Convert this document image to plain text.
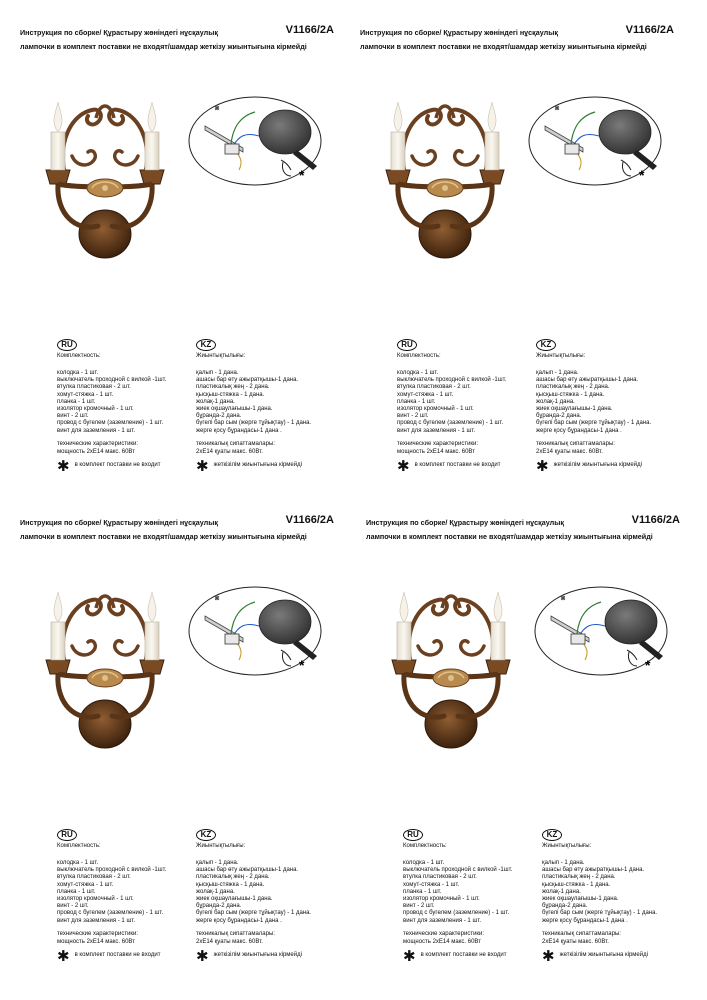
Инструкция по сборке/ Құрастыру жөніндегі нұсқаулық	V1166/2A
лампочки в комплект поставки не входят/шамдар жеткізу жиынтығына кірмейді
RU
Комплектность:
колодка - 1 шт.
выключатель проходной с вилкой -1шт.
втулка пластиковая - 2 шт.
хомут-стяжка - 1 шт.
планка - 1 шт.
изолятор кромочный - 1 шт.
винт - 2 шт.
провод с бугелем (заземление) - 1 шт.
винт для заземления - 1 шт.
технические характеристики:
мощность 2хЕ14 макс. 60Вт
✱ в комплект поставки не входит
KZ
Жиынтықтылығы:
қалып - 1 дана.
ашасы бар өту ажыратқышы-1 дана.
пластикалық жең - 2 дана.
қысқыш-стяжка - 1 дана.
жолақ-1 дана.
жиек оқшаулағышы-1 дана.
бұранда-2 дана.
бүгелі бар сым (жерге тұйықтау) - 1 дана.
жерге қосу бұрандасы-1 дана .
техникалық сипаттамалары:
2хЕ14 қуаты макс. 60Вт.
✱ жеткізілім жиынтығына кірмейді
Инструкция по сборке/ Құрастыру жөніндегі нұсқаулық	V1166/2A
лампочки в комплект поставки не входят/шамдар жеткізу жиынтығына кірмейді
RU
Комплектность:
колодка - 1 шт.
выключатель проходной с вилкой -1шт.
втулка пластиковая - 2 шт.
хомут-стяжка - 1 шт.
планка - 1 шт.
изолятор кромочный - 1 шт.
винт - 2 шт.
провод с бугелем (заземление) - 1 шт.
винт для заземления - 1 шт.
технические характеристики:
мощность 2хЕ14 макс. 60Вт
✱ в комплект поставки не входит
KZ
Жиынтықтылығы:
қалып - 1 дана.
ашасы бар өту ажыратқышы-1 дана.
пластикалық жең - 2 дана.
қысқыш-стяжка - 1 дана.
жолақ-1 дана.
жиек оқшаулағышы-1 дана.
бұранда-2 дана.
бүгелі бар сым (жерге тұйықтау) - 1 дана.
жерге қосу бұрандасы-1 дана .
техникалық сипаттамалары:
2хЕ14 қуаты макс. 60Вт.
✱ жеткізілім жиынтығына кірмейді
Инструкция по сборке/ Құрастыру жөніндегі нұсқаулық	V1166/2A
лампочки в комплект поставки не входят/шамдар жеткізу жиынтығына кірмейді
RU
Комплектность:
колодка - 1 шт.
выключатель проходной с вилкой -1шт.
втулка пластиковая - 2 шт.
хомут-стяжка - 1 шт.
планка - 1 шт.
изолятор кромочный - 1 шт.
винт - 2 шт.
провод с бугелем (заземление) - 1 шт.
винт для заземления - 1 шт.
технические характеристики:
мощность 2хЕ14 макс. 60Вт
✱ в комплект поставки не входит
KZ
Жиынтықтылығы:
қалып - 1 дана.
ашасы бар өту ажыратқышы-1 дана.
пластикалық жең - 2 дана.
қысқыш-стяжка - 1 дана.
жолақ-1 дана.
жиек оқшаулағышы-1 дана.
бұранда-2 дана.
бүгелі бар сым (жерге тұйықтау) - 1 дана.
жерге қосу бұрандасы-1 дана .
техникалық сипаттамалары:
2хЕ14 қуаты макс. 60Вт.
✱ жеткізілім жиынтығына кірмейді
Инструкция по сборке/ Құрастыру жөніндегі нұсқаулық	V1166/2A
лампочки в комплект поставки не входят/шамдар жеткізу жиынтығына кірмейді
RU
Комплектность:
колодка - 1 шт.
выключатель проходной с вилкой -1шт.
втулка пластиковая - 2 шт.
хомут-стяжка - 1 шт.
планка - 1 шт.
изолятор кромочный - 1 шт.
винт - 2 шт.
провод с бугелем (заземление) - 1 шт.
винт для заземления - 1 шт.
технические характеристики:
мощность 2хЕ14 макс. 60Вт
✱ в комплект поставки не входит
KZ
Жиынтықтылығы:
қалып - 1 дана.
ашасы бар өту ажыратқышы-1 дана.
пластикалық жең - 2 дана.
қысқыш-стяжка - 1 дана.
жолақ-1 дана.
жиек оқшаулағышы-1 дана.
бұранда-2 дана.
бүгелі бар сым (жерге тұйықтау) - 1 дана.
жерге қосу бұрандасы-1 дана .
техникалық сипаттамалары:
2хЕ14 қуаты макс. 60Вт.
✱ жеткізілім жиынтығына кірмейді
